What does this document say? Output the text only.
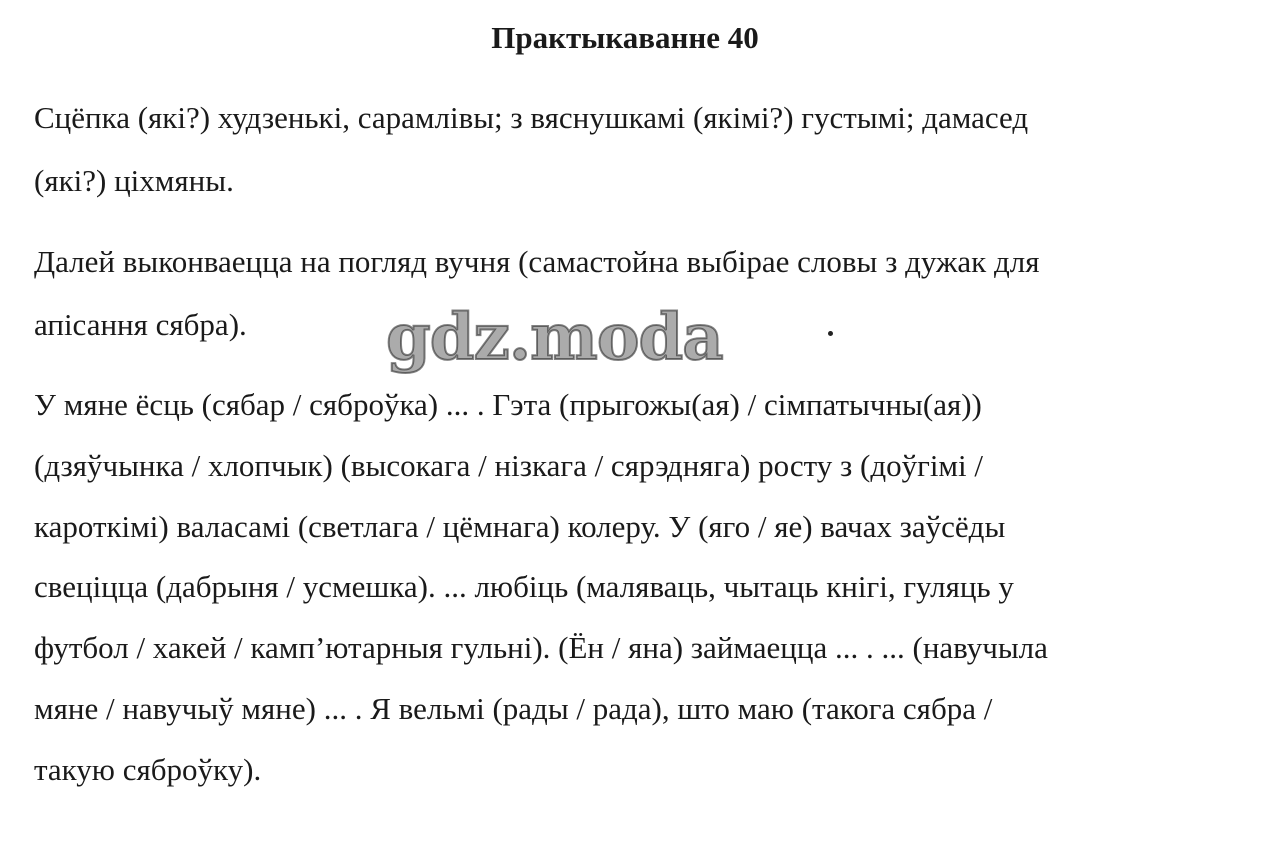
Практыкаванне 40
Сцёпка (які?) худзенькі, сарамлівы; з вяснушкамі (якімі?) густымі; дамасед
(які?) ціхмяны.
Далей выконваецца на погляд вучня (самастойна выбірае словы з дужак для
апісання сябра).
У мяне ёсць (сябар / сяброўка) ... . Гэта (прыгожы(ая) / сімпатычны(ая))
(дзяўчынка / хлопчык) (высокага / нізкага / сярэдняга) росту з (доўгімі /
кароткімі) валасамі (светлага / цёмнага) колеру. У (яго / яе) вачах заўсёды
свеціцца (дабрыня / усмешка). ... любіць (маляваць, чытаць кнігі, гуляць у
футбол / хакей / камп’ютарныя гульні). (Ён / яна) займаецца ... . ... (навучыла
мяне / навучыў мяне) ... . Я вельмі (рады / рада), што маю (такога сябра /
такую сяброўку).
gdz.moda
